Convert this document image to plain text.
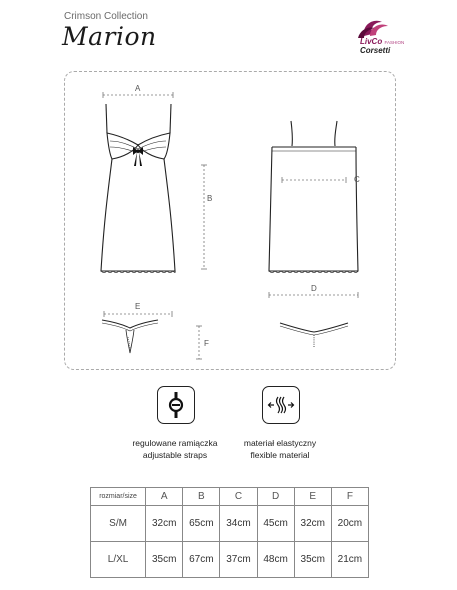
Crimson Collection
Marion	LivCo FASHION Corsetti
A
B
C
D
E
F
regulowane ramiączka
adjustable straps
materiał elastyczny
flexible material
rozmiar/size	A	B	C	D	E	F
S/M	32cm	65cm	34cm	45cm	32cm	20cm
L/XL	35cm	67cm	37cm	48cm	35cm	21cm
